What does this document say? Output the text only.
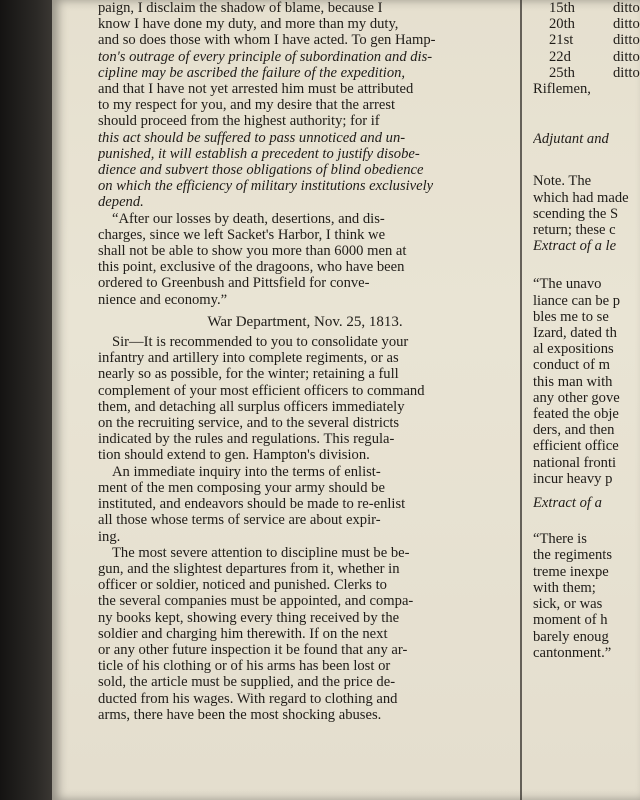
paign, I disclaim the shadow of blame, because I
know I have done my duty, and more than my duty,
and so does those with whom I have acted. To gen Hamp-
ton's outrage of every principle of subordination and dis-
cipline may be ascribed the failure of the expedition,
and that I have not yet arrested him must be attributed
to my respect for you, and my desire that the arrest
should proceed from the highest authority; for if
this act should be suffered to pass unnoticed and un-
punished, it will establish a precedent to justify disobe-
dience and subvert those obligations of blind obedience
on which the efficiency of military institutions exclusively
depend.
“After our losses by death, desertions, and dis-
charges, since we left Sacket's Harbor, I think we
shall not be able to show you more than 6000 men at
this point, exclusive of the dragoons, who have been
ordered to Greenbush and Pittsfield for conve-
nience and economy.”
War Department, Nov. 25, 1813.
Sir—It is recommended to you to consolidate your
infantry and artillery into complete regiments, or as
nearly so as possible, for the winter; retaining a full
complement of your most efficient officers to command
them, and detaching all surplus officers immediately
on the recruiting service, and to the several districts
indicated by the rules and regulations. This regula-
tion should extend to gen. Hampton's division.
An immediate inquiry into the terms of enlist-
ment of the men composing your army should be
instituted, and endeavors should be made to re-enlist
all those whose terms of service are about expir-
ing.
The most severe attention to discipline must be be-
gun, and the slightest departures from it, whether in
officer or soldier, noticed and punished. Clerks to
the several companies must be appointed, and compa-
ny books kept, showing every thing received by the
soldier and charging him therewith. If on the next
or any other future inspection it be found that any ar-
ticle of his clothing or of his arms has been lost or
sold, the article must be supplied, and the price de-
ducted from his wages. With regard to clothing and
arms, there have been the most shocking abuses.
15th	ditto
20th	ditto
21st	ditto
22d	ditto
25th	ditto
Riflemen,
Adjutant and
Note. The
which had made
scending the S
return; these c
Extract of a le
“The unavo
liance can be p
bles me to se
Izard, dated th
al expositions
conduct of m
this man with
any other gove
feated the obje
ders, and then
efficient office
national fronti
incur heavy p
Extract of a
“There is
the regiments
treme inexpe
with them;
sick, or was
moment of h
barely enoug
cantonment.”
